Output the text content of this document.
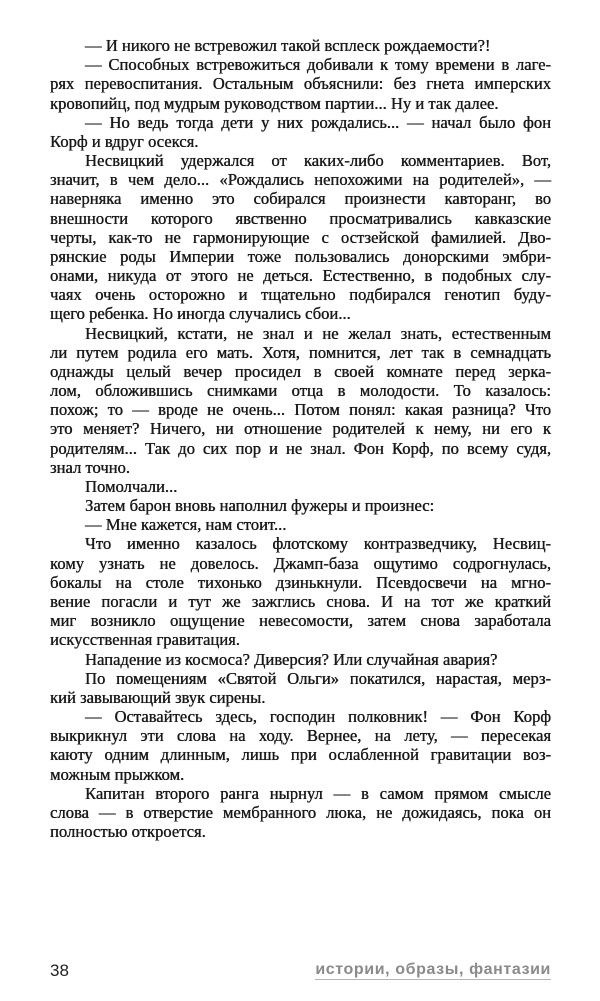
— И никого не встревожил такой всплеск рождаемости?!
— Способных встревожиться добивали к тому времени в лаге-
рях перевоспитания. Остальным объяснили: без гнета имперских
кровопийц, под мудрым руководством партии... Ну и так далее.
— Но ведь тогда дети у них рождались... — начал было фон
Корф и вдруг осекся.
Несвицкий удержался от каких-либо комментариев. Вот,
значит, в чем дело... «Рождались непохожими на родителей», —
наверняка именно это собирался произнести кавторанг, во
внешности которого явственно просматривались кавказские
черты, как-то не гармонирующие с остзейской фамилией. Дво-
рянские роды Империи тоже пользовались донорскими эмбри-
онами, никуда от этого не деться. Естественно, в подобных слу-
чаях очень осторожно и тщательно подбирался генотип буду-
щего ребенка. Но иногда случались сбои...
Несвицкий, кстати, не знал и не желал знать, естественным
ли путем родила его мать. Хотя, помнится, лет так в семнадцать
однажды целый вечер просидел в своей комнате перед зерка-
лом, обложившись снимками отца в молодости. То казалось:
похож; то — вроде не очень... Потом понял: какая разница? Что
это меняет? Ничего, ни отношение родителей к нему, ни его к
родителям... Так до сих пор и не знал. Фон Корф, по всему судя,
знал точно.
Помолчали...
Затем барон вновь наполнил фужеры и произнес:
— Мне кажется, нам стоит...
Что именно казалось флотскому контразведчику, Несвиц-
кому узнать не довелось. Джамп-база ощутимо содрогнулась,
бокалы на столе тихонько дзинькнули. Псевдосвечи на мгно-
вение погасли и тут же зажглись снова. И на тот же краткий
миг возникло ощущение невесомости, затем снова заработала
искусственная гравитация.
Нападение из космоса? Диверсия? Или случайная авария?
По помещениям «Святой Ольги» покатился, нарастая, мерз-
кий завывающий звук сирены.
— Оставайтесь здесь, господин полковник! — Фон Корф
выкрикнул эти слова на ходу. Вернее, на лету, — пересекая
каюту одним длинным, лишь при ослабленной гравитации воз-
можным прыжком.
Капитан второго ранга нырнул — в самом прямом смысле
слова — в отверстие мембранного люка, не дожидаясь, пока он
полностью откроется.
38	истории, образы, фантазии
